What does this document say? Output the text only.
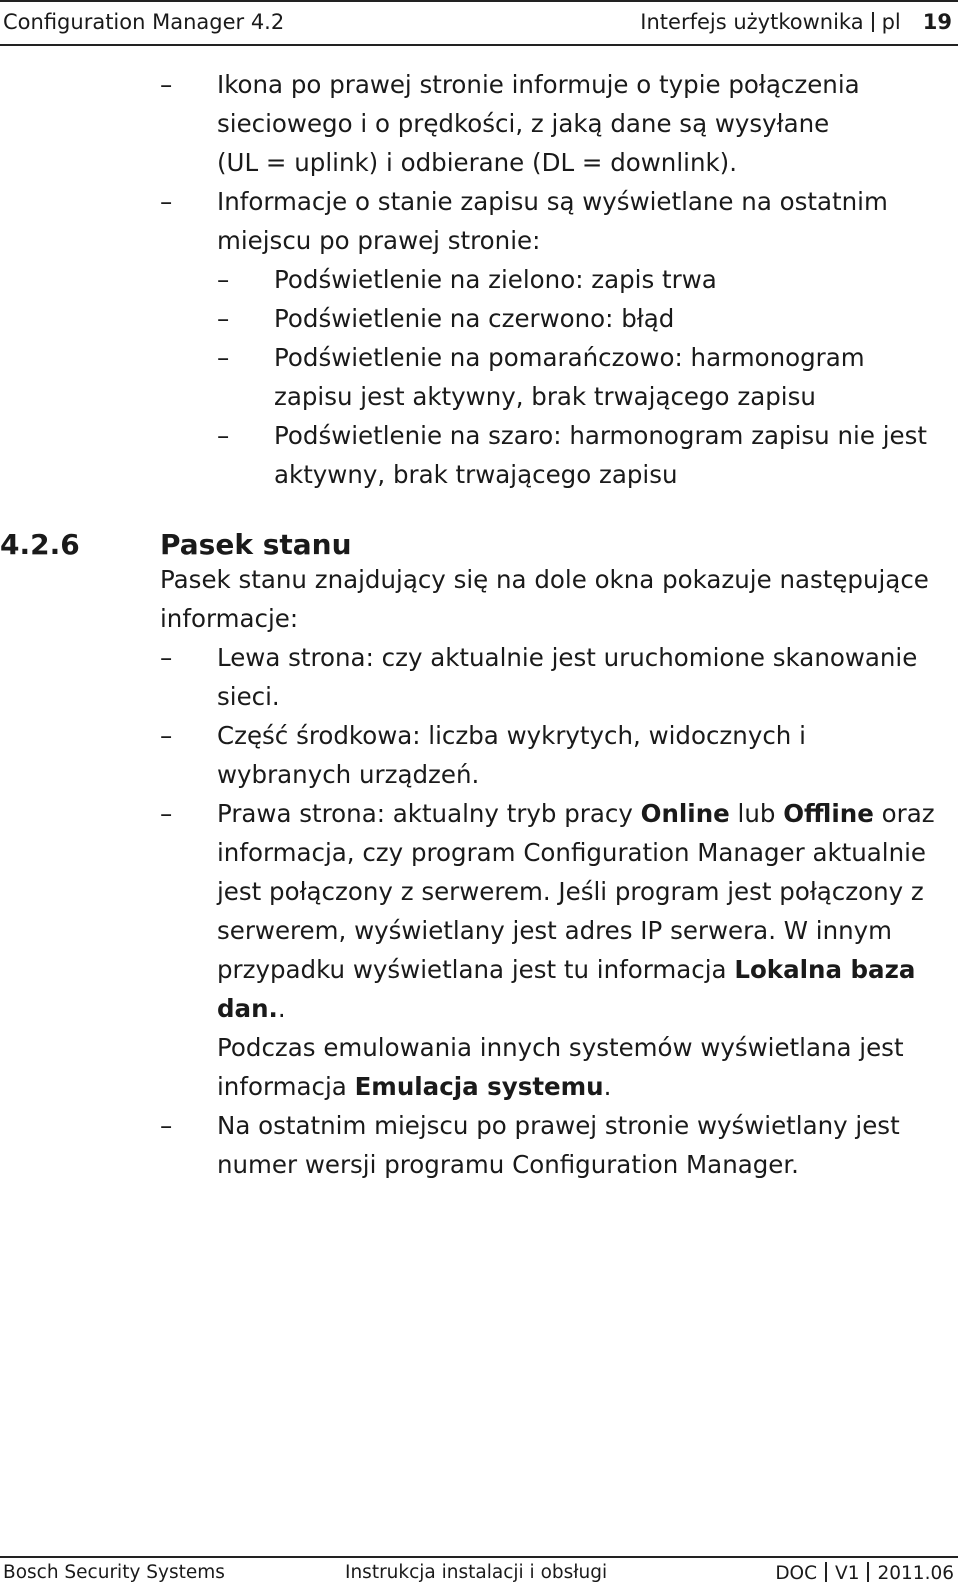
Configuration Manager 4.2	Interfejs użytkownika pl 19
– Ikona po prawej stronie informuje o typie połączenia
sieciowego i o prędkości, z jaką dane są wysyłane
(UL = uplink) i odbierane (DL = downlink).
– Informacje o stanie zapisu są wyświetlane na ostatnim
miejscu po prawej stronie:
– Podświetlenie na zielono: zapis trwa
– Podświetlenie na czerwono: błąd
– Podświetlenie na pomarańczowo: harmonogram
zapisu jest aktywny, brak trwającego zapisu
– Podświetlenie na szaro: harmonogram zapisu nie jest
aktywny, brak trwającego zapisu
4.2.6	Pasek stanu
Pasek stanu znajdujący się na dole okna pokazuje następujące
informacje:
– Lewa strona: czy aktualnie jest uruchomione skanowanie
sieci.
– Część środkowa: liczba wykrytych, widocznych i
wybranych urządzeń.
– Prawa strona: aktualny tryb pracy Online lub Offline oraz
informacja, czy program Configuration Manager aktualnie
jest połączony z serwerem. Jeśli program jest połączony z
serwerem, wyświetlany jest adres IP serwera. W innym
przypadku wyświetlana jest tu informacja Lokalna baza
dan..
Podczas emulowania innych systemów wyświetlana jest
informacja Emulacja systemu.
– Na ostatnim miejscu po prawej stronie wyświetlany jest
numer wersji programu Configuration Manager.
Bosch Security Systems	Instrukcja instalacji i obsługi	DOC V1 2011.06
